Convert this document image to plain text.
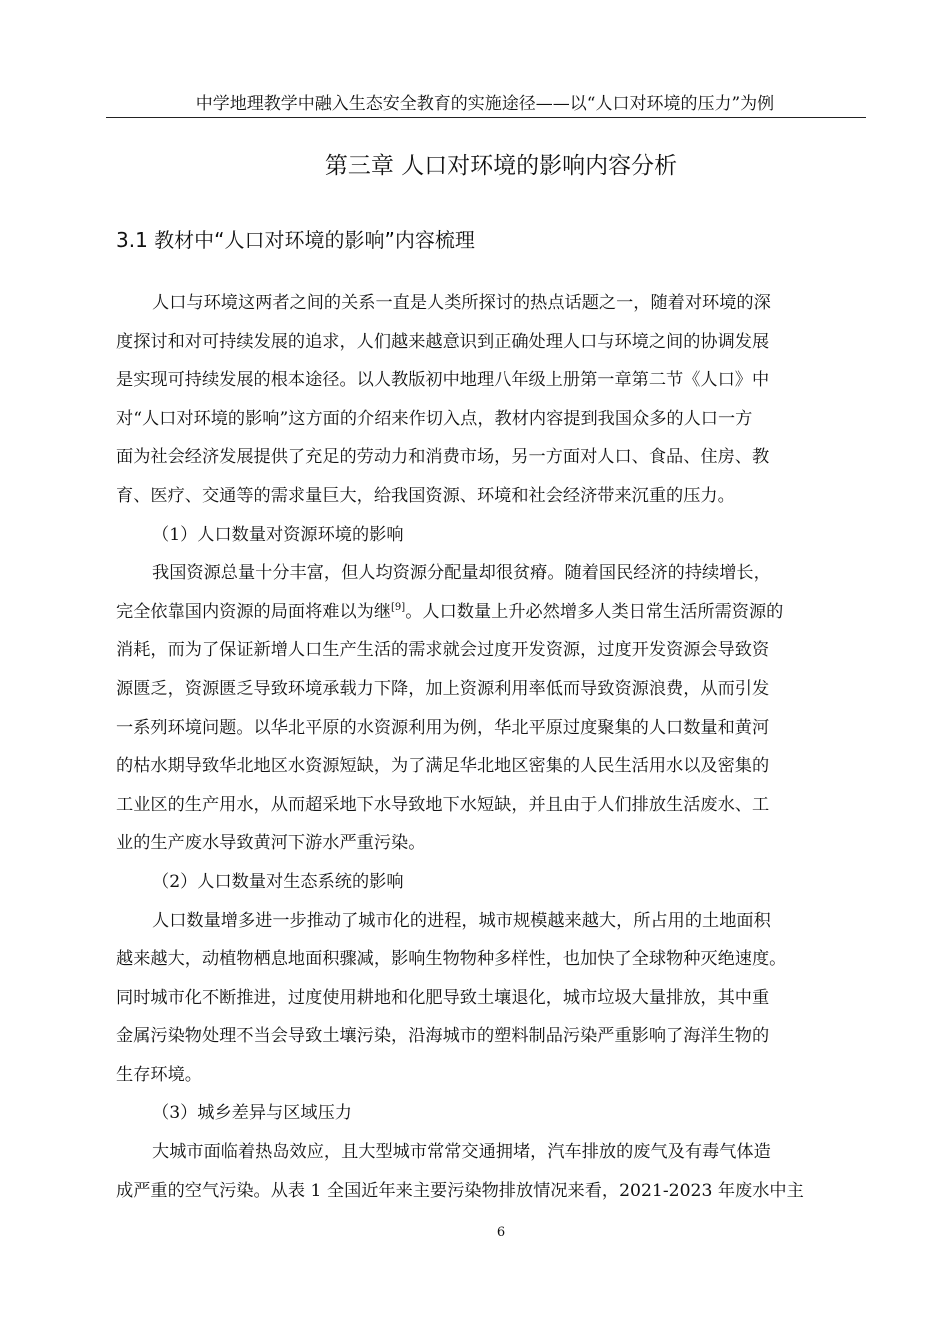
中学地理教学中融入生态安全教育的实施途径——以“人口对环境的压力”为例
第三章 人口对环境的影响内容分析
3.1 教材中“人口对环境的影响”内容梳理
人口与环境这两者之间的关系一直是人类所探讨的热点话题之一，随着对环境的深
度探讨和对可持续发展的追求，人们越来越意识到正确处理人口与环境之间的协调发展
是实现可持续发展的根本途径。以人教版初中地理八年级上册第一章第二节《人口》中
对“人口对环境的影响”这方面的介绍来作切入点，教材内容提到我国众多的人口一方
面为社会经济发展提供了充足的劳动力和消费市场，另一方面对人口、食品、住房、教
育、医疗、交通等的需求量巨大，给我国资源、环境和社会经济带来沉重的压力。
（1）人口数量对资源环境的影响
我国资源总量十分丰富，但人均资源分配量却很贫瘠。随着国民经济的持续增长，
完全依靠国内资源的局面将难以为继[9]。人口数量上升必然增多人类日常生活所需资源的
消耗，而为了保证新增人口生产生活的需求就会过度开发资源，过度开发资源会导致资
源匮乏，资源匮乏导致环境承载力下降，加上资源利用率低而导致资源浪费，从而引发
一系列环境问题。以华北平原的水资源利用为例，华北平原过度聚集的人口数量和黄河
的枯水期导致华北地区水资源短缺，为了满足华北地区密集的人民生活用水以及密集的
工业区的生产用水，从而超采地下水导致地下水短缺，并且由于人们排放生活废水、工
业的生产废水导致黄河下游水严重污染。
（2）人口数量对生态系统的影响
人口数量增多进一步推动了城市化的进程，城市规模越来越大，所占用的土地面积
越来越大，动植物栖息地面积骤减，影响生物物种多样性，也加快了全球物种灭绝速度。
同时城市化不断推进，过度使用耕地和化肥导致土壤退化，城市垃圾大量排放，其中重
金属污染物处理不当会导致土壤污染，沿海城市的塑料制品污染严重影响了海洋生物的
生存环境。
（3）城乡差异与区域压力
大城市面临着热岛效应，且大型城市常常交通拥堵，汽车排放的废气及有毒气体造
成严重的空气污染。从表 1 全国近年来主要污染物排放情况来看，2021-2023 年废水中主
6
